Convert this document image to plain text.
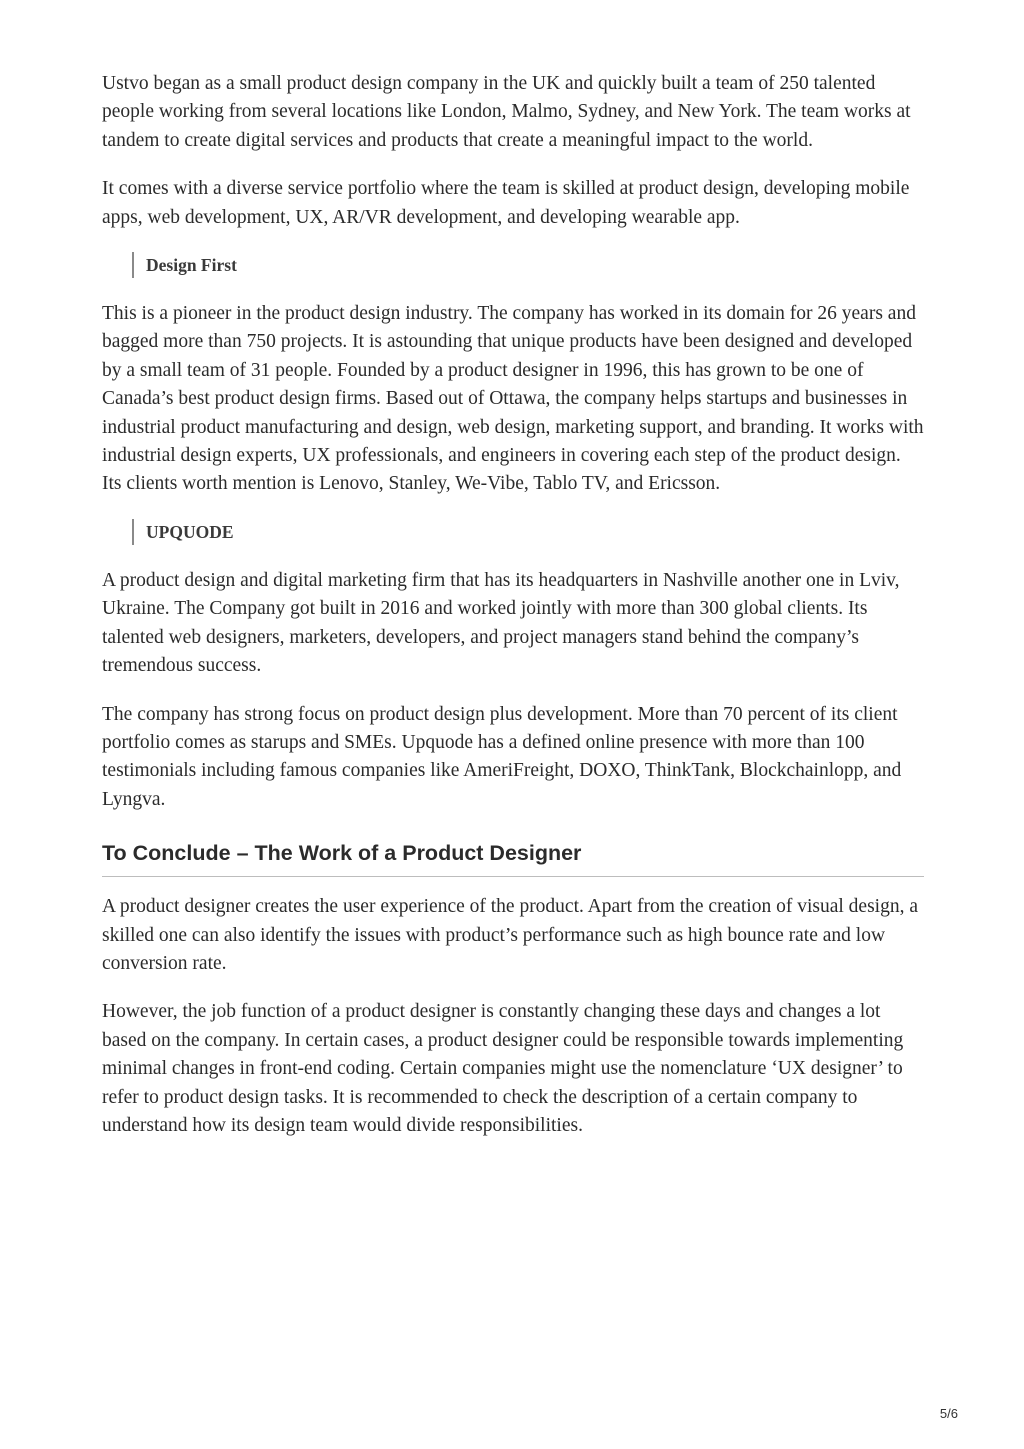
Ustvo began as a small product design company in the UK and quickly built a team of 250 talented people working from several locations like London, Malmo, Sydney, and New York. The team works at tandem to create digital services and products that create a meaningful impact to the world.

It comes with a diverse service portfolio where the team is skilled at product design, developing mobile apps, web development, UX, AR/VR development, and developing wearable app.

Design First

This is a pioneer in the product design industry. The company has worked in its domain for 26 years and bagged more than 750 projects. It is astounding that unique products have been designed and developed by a small team of 31 people. Founded by a product designer in 1996, this has grown to be one of Canada’s best product design firms. Based out of Ottawa, the company helps startups and businesses in industrial product manufacturing and design, web design, marketing support, and branding. It works with industrial design experts, UX professionals, and engineers in covering each step of the product design. Its clients worth mention is Lenovo, Stanley, We-Vibe, Tablo TV, and Ericsson.

UPQUODE

A product design and digital marketing firm that has its headquarters in Nashville another one in Lviv, Ukraine. The Company got built in 2016 and worked jointly with more than 300 global clients. Its talented web designers, marketers, developers, and project managers stand behind the company’s tremendous success.

The company has strong focus on product design plus development. More than 70 percent of its client portfolio comes as starups and SMEs. Upquode has a defined online presence with more than 100 testimonials including famous companies like AmeriFreight, DOXO, ThinkTank, Blockchainlopp, and Lyngva.

To Conclude – The Work of a Product Designer

A product designer creates the user experience of the product. Apart from the creation of visual design, a skilled one can also identify the issues with product’s performance such as high bounce rate and low conversion rate.

However, the job function of a product designer is constantly changing these days and changes a lot based on the company. In certain cases, a product designer could be responsible towards implementing minimal changes in front-end coding. Certain companies might use the nomenclature ‘UX designer’ to refer to product design tasks. It is recommended to check the description of a certain company to understand how its design team would divide responsibilities.

5/6
